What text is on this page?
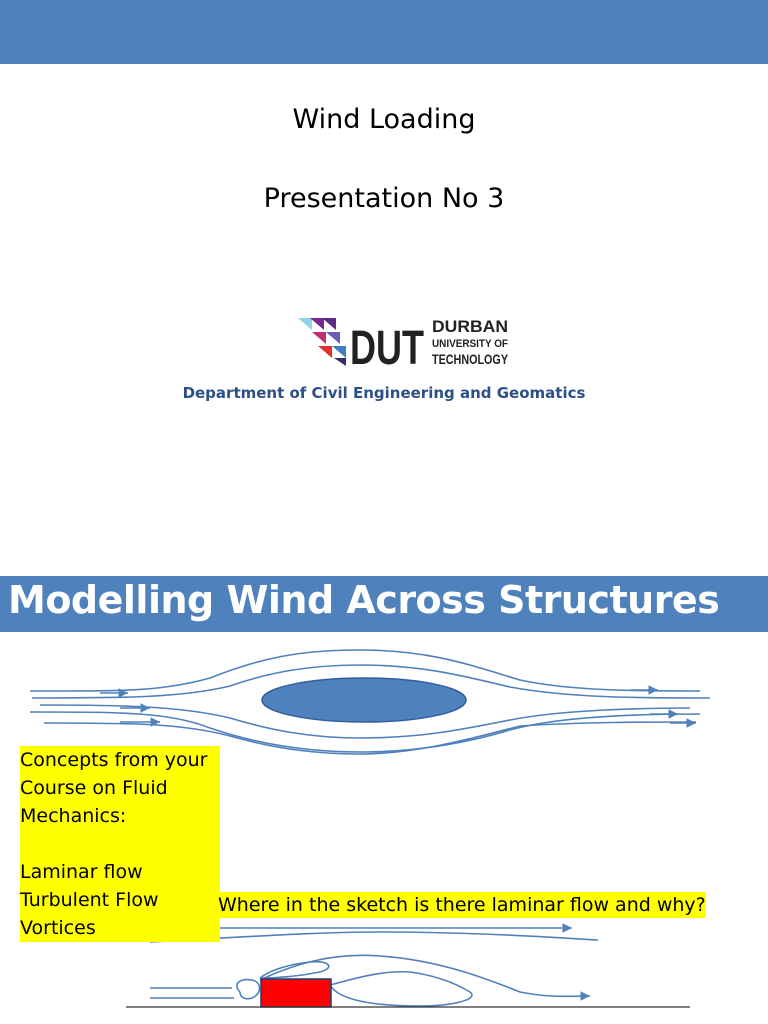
Wind Loading
Presentation No 3
DUT DURBAN
UNIVERSITY OF
TECHNOLOGY
Department of Civil Engineering and Geomatics
Modelling Wind Across Structures
Concepts from your
Course on Fluid
Mechanics:
Laminar flow
Turbulent Flow
Vortices
Where in the sketch is there laminar flow and why?
